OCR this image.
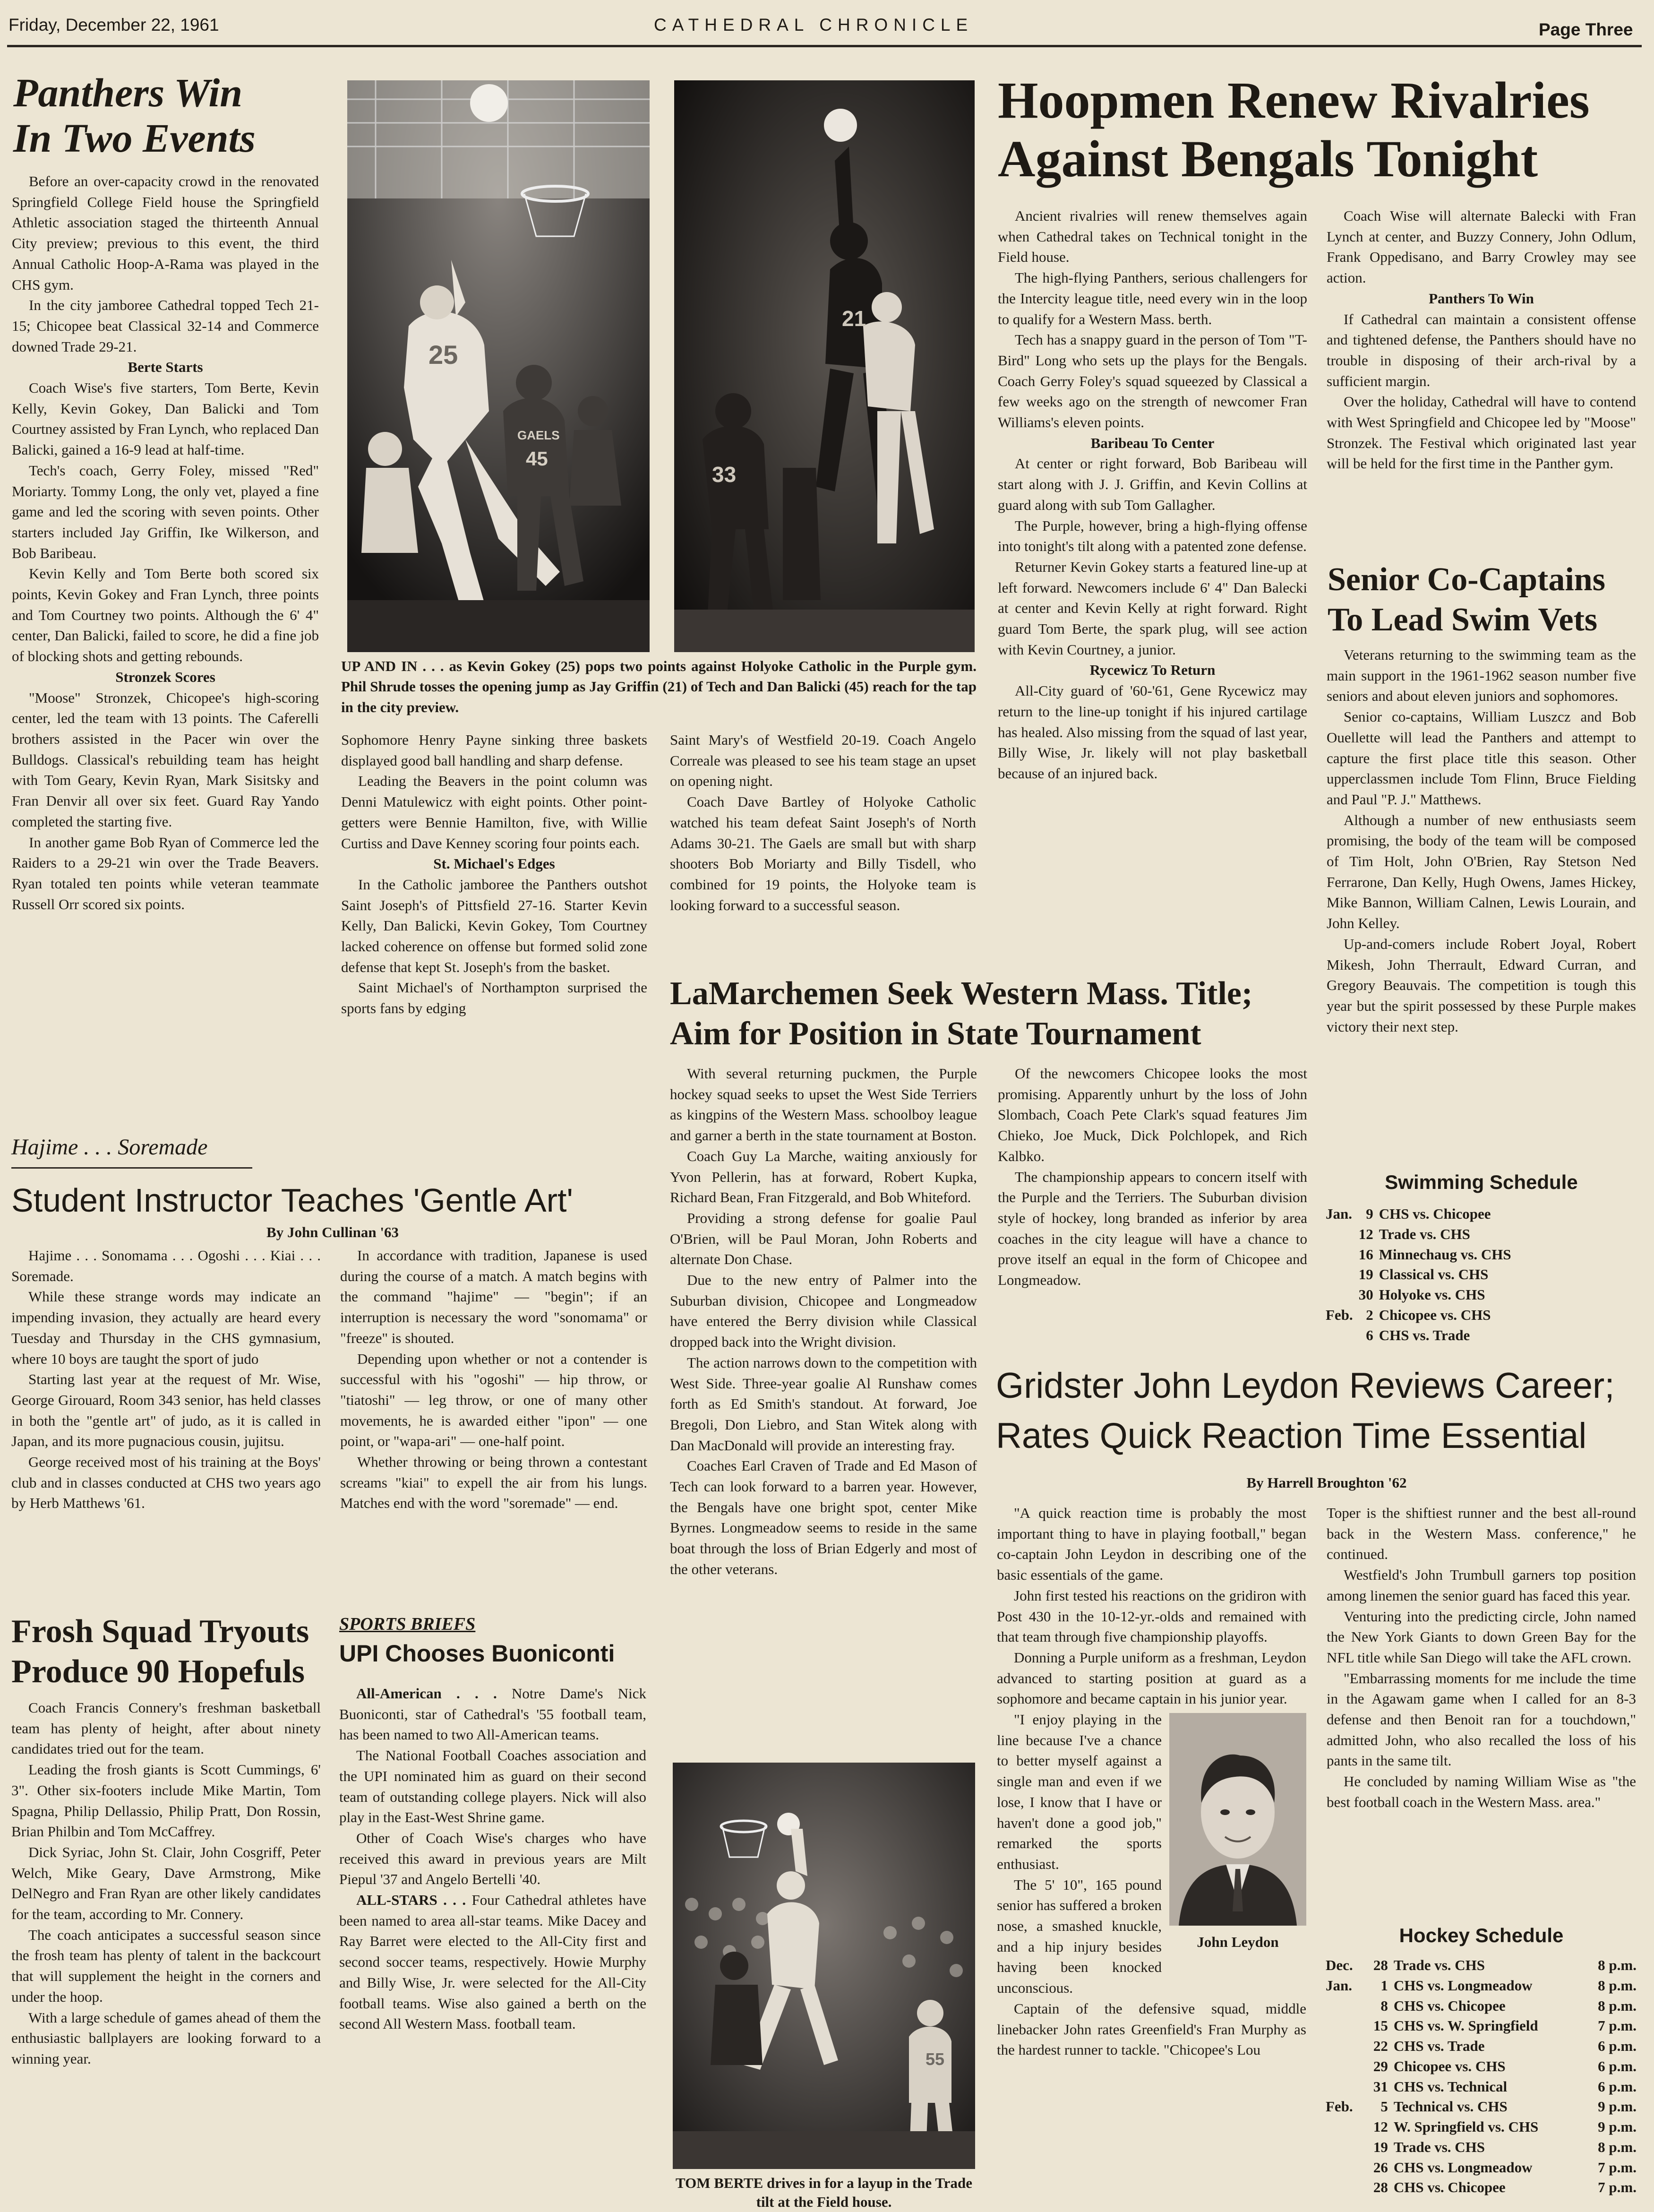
Friday, December 22, 1961	CATHEDRAL CHRONICLE	Page Three
Panthers Win
In Two Events

Before an over-capacity crowd in the renovated Springfield College Field house the Springfield Athletic association staged the thirteenth Annual City preview; previous to this event, the third Annual Catholic Hoop-A-Rama was played in the CHS gym.

In the city jamboree Cathedral topped Tech 21-15; Chicopee beat Classical 32-14 and Commerce downed Trade 29-21.

Berte Starts

Coach Wise's five starters, Tom Berte, Kevin Kelly, Kevin Gokey, Dan Balicki and Tom Courtney assisted by Fran Lynch, who replaced Dan Balicki, gained a 16-9 lead at half-time.

Tech's coach, Gerry Foley, missed "Red" Moriarty. Tommy Long, the only vet, played a fine game and led the scoring with seven points. Other starters included Jay Griffin, Ike Wilkerson, and Bob Baribeau.

Kevin Kelly and Tom Berte both scored six points, Kevin Gokey and Fran Lynch, three points and Tom Courtney two points. Although the 6' 4" center, Dan Balicki, failed to score, he did a fine job of blocking shots and getting rebounds.

Stronzek Scores

"Moose" Stronzek, Chicopee's high-scoring center, led the team with 13 points. The Caferelli brothers assisted in the Pacer win over the Bulldogs. Classical's rebuilding team has height with Tom Geary, Kevin Ryan, Mark Sisitsky and Fran Denvir all over six feet. Guard Ray Yando completed the starting five.

In another game Bob Ryan of Commerce led the Raiders to a 29-21 win over the Trade Beavers. Ryan totaled ten points while veteran teammate Russell Orr scored six points.

25
GAELS
45
21
33
UP AND IN . . . as Kevin Gokey (25) pops two points against Holyoke Catholic in the Purple gym. Phil Shrude tosses the opening jump as Jay Griffin (21) of Tech and Dan Balicki (45) reach for the tap in the city preview.

Sophomore Henry Payne sinking three baskets displayed good ball handling and sharp defense.

Leading the Beavers in the point column was Denni Matulewicz with eight points. Other point-getters were Bennie Hamilton, five, with Willie Curtiss and Dave Kenney scoring four points each.

St. Michael's Edges

In the Catholic jamboree the Panthers outshot Saint Joseph's of Pittsfield 27-16. Starter Kevin Kelly, Dan Balicki, Kevin Gokey, Tom Courtney lacked coherence on offense but formed solid zone defense that kept St. Joseph's from the basket.

Saint Michael's of Northampton surprised the sports fans by edging

Saint Mary's of Westfield 20-19. Coach Angelo Correale was pleased to see his team stage an upset on opening night.

Coach Dave Bartley of Holyoke Catholic watched his team defeat Saint Joseph's of North Adams 30-21. The Gaels are small but with sharp shooters Bob Moriarty and Billy Tisdell, who combined for 19 points, the Holyoke team is looking forward to a successful season.

Hoopmen Renew Rivalries
Against Bengals Tonight

Ancient rivalries will renew themselves again when Cathedral takes on Technical tonight in the Field house.

The high-flying Panthers, serious challengers for the Intercity league title, need every win in the loop to qualify for a Western Mass. berth.

Tech has a snappy guard in the person of Tom "T-Bird" Long who sets up the plays for the Bengals. Coach Gerry Foley's squad squeezed by Classical a few weeks ago on the strength of newcomer Fran Williams's eleven points.

Baribeau To Center

At center or right forward, Bob Baribeau will start along with J. J. Griffin, and Kevin Collins at guard along with sub Tom Gallagher.

The Purple, however, bring a high-flying offense into tonight's tilt along with a patented zone defense.

Returner Kevin Gokey starts a featured line-up at left forward. Newcomers include 6' 4" Dan Balecki at center and Kevin Kelly at right forward. Right guard Tom Berte, the spark plug, will see action with Kevin Courtney, a junior.

Rycewicz To Return

All-City guard of '60-'61, Gene Rycewicz may return to the line-up tonight if his injured cartilage has healed. Also missing from the squad of last year, Billy Wise, Jr. likely will not play basketball because of an injured back.

Coach Wise will alternate Balecki with Fran Lynch at center, and Buzzy Connery, John Odlum, Frank Oppedisano, and Barry Crowley may see action.

Panthers To Win

If Cathedral can maintain a consistent offense and tightened defense, the Panthers should have no trouble in disposing of their arch-rival by a sufficient margin.

Over the holiday, Cathedral will have to contend with West Springfield and Chicopee led by "Moose" Stronzek. The Festival which originated last year will be held for the first time in the Panther gym.

Senior Co-Captains
To Lead Swim Vets

Veterans returning to the swimming team as the main support in the 1961-1962 season number five seniors and about eleven juniors and sophomores.

Senior co-captains, William Luszcz and Bob Ouellette will lead the Panthers and attempt to capture the first place title this season. Other upperclassmen include Tom Flinn, Bruce Fielding and Paul "P. J." Matthews.

Although a number of new enthusiasts seem promising, the body of the team will be composed of Tim Holt, John O'Brien, Ray Stetson Ned Ferrarone, Dan Kelly, Hugh Owens, James Hickey, Mike Bannon, William Calnen, Lewis Lourain, and John Kelley.

Up-and-comers include Robert Joyal, Robert Mikesh, John Therrault, Edward Curran, and Gregory Beauvais. The competition is tough this year but the spirit possessed by these Purple makes victory their next step.

Swimming Schedule
Jan.	9	CHS vs. Chicopee
	12	Trade vs. CHS
	16	Minnechaug vs. CHS
	19	Classical vs. CHS
	30	Holyoke vs. CHS
Feb.	2	Chicopee vs. CHS
	6	CHS vs. Trade
LaMarchemen Seek Western Mass. Title;
Aim for Position in State Tournament

With several returning puckmen, the Purple hockey squad seeks to upset the West Side Terriers as kingpins of the Western Mass. schoolboy league and garner a berth in the state tournament at Boston.

Coach Guy La Marche, waiting anxiously for Yvon Pellerin, has at forward, Robert Kupka, Richard Bean, Fran Fitzgerald, and Bob Whiteford.

Providing a strong defense for goalie Paul O'Brien, will be Paul Moran, John Roberts and alternate Don Chase.

Due to the new entry of Palmer into the Suburban division, Chicopee and Longmeadow have entered the Berry division while Classical dropped back into the Wright division.

The action narrows down to the competition with West Side. Three-year goalie Al Runshaw comes forth as Ed Smith's standout. At forward, Joe Bregoli, Don Liebro, and Stan Witek along with Dan MacDonald will provide an interesting fray.

Coaches Earl Craven of Trade and Ed Mason of Tech can look forward to a barren year. However, the Bengals have one bright spot, center Mike Byrnes. Longmeadow seems to reside in the same boat through the loss of Brian Edgerly and most of the other veterans.

Of the newcomers Chicopee looks the most promising. Apparently unhurt by the loss of John Slombach, Coach Pete Clark's squad features Jim Chieko, Joe Muck, Dick Polchlopek, and Rich Kalbko.

The championship appears to concern itself with the Purple and the Terriers. The Suburban division style of hockey, long branded as inferior by area coaches in the city league will have a chance to prove itself an equal in the form of Chicopee and Longmeadow.

Hajime . . . Soremade
Student Instructor Teaches 'Gentle Art'
By John Cullinan '63

Hajime . . . Sonomama . . . Ogoshi . . . Kiai . . . Soremade.

While these strange words may indicate an impending invasion, they actually are heard every Tuesday and Thursday in the CHS gymnasium, where 10 boys are taught the sport of judo

Starting last year at the request of Mr. Wise, George Girouard, Room 343 senior, has held classes in both the "gentle art" of judo, as it is called in Japan, and its more pugnacious cousin, jujitsu.

George received most of his training at the Boys' club and in classes conducted at CHS two years ago by Herb Matthews '61.

In accordance with tradition, Japanese is used during the course of a match. A match begins with the command "hajime" — "begin"; if an interruption is necessary the word "sonomama" or "freeze" is shouted.

Depending upon whether or not a contender is successful with his "ogoshi" — hip throw, or "tiatoshi" — leg throw, or one of many other movements, he is awarded either "ipon" — one point, or "wapa-ari" — one-half point.

Whether throwing or being thrown a contestant screams "kiai" to expell the air from his lungs. Matches end with the word "soremade" — end.

Frosh Squad Tryouts
Produce 90 Hopefuls

Coach Francis Connery's freshman basketball team has plenty of height, after about ninety candidates tried out for the team.

Leading the frosh giants is Scott Cummings, 6' 3". Other six-footers include Mike Martin, Tom Spagna, Philip Dellassio, Philip Pratt, Don Rossin, Brian Philbin and Tom McCaffrey.

Dick Syriac, John St. Clair, John Cosgriff, Peter Welch, Mike Geary, Dave Armstrong, Mike DelNegro and Fran Ryan are other likely candidates for the team, according to Mr. Connery.

The coach anticipates a successful season since the frosh team has plenty of talent in the backcourt that will supplement the height in the corners and under the hoop.

With a large schedule of games ahead of them the enthusiastic ballplayers are looking forward to a winning year.

SPORTS BRIEFS
UPI Chooses Buoniconti

All-American . . . Notre Dame's Nick Buoniconti, star of Cathedral's '55 football team, has been named to two All-American teams.

The National Football Coaches association and the UPI nominated him as guard on their second team of outstanding college players. Nick will also play in the East-West Shrine game.

Other of Coach Wise's charges who have received this award in previous years are Milt Piepul '37 and Angelo Bertelli '40.

ALL-STARS . . . Four Cathedral athletes have been named to area all-star teams. Mike Dacey and Ray Barret were elected to the All-City first and second soccer teams, respectively. Howie Murphy and Billy Wise, Jr. were selected for the All-City football teams. Wise also gained a berth on the second All Western Mass. football team.

55
TOM BERTE drives in for a layup in the Trade tilt at the Field house.
Gridster John Leydon Reviews Career;
Rates Quick Reaction Time Essential
By Harrell Broughton '62

"A quick reaction time is probably the most important thing to have in playing football," began co-captain John Leydon in describing one of the basic essentials of the game.

John first tested his reactions on the gridiron with Post 430 in the 10-12-yr.-olds and remained with that team through five championship playoffs.

Donning a Purple uniform as a freshman, Leydon advanced to starting position at guard as a sophomore and became captain in his junior year.

John Leydon

"I enjoy playing in the line because I've a chance to better myself against a single man and even if we lose, I know that I have or haven't done a good job," remarked the sports enthusiast.

The 5' 10", 165 pound senior has suffered a broken nose, a smashed knuckle, and a hip injury besides having been knocked unconscious.

Captain of the defensive squad, middle linebacker John rates Greenfield's Fran Murphy as the hardest runner to tackle. "Chicopee's Lou

Toper is the shiftiest runner and the best all-round back in the Western Mass. conference," he continued.

Westfield's John Trumbull garners top position among linemen the senior guard has faced this year.

Venturing into the predicting circle, John named the New York Giants to down Green Bay for the NFL title while San Diego will take the AFL crown.

"Embarrassing moments for me include the time in the Agawam game when I called for an 8-3 defense and then Benoit ran for a touchdown," admitted John, who also recalled the loss of his pants in the same tilt.

He concluded by naming William Wise as "the best football coach in the Western Mass. area."

Hockey Schedule
Dec.	28	Trade vs. CHS	8 p.m.
Jan.	1	CHS vs. Longmeadow	8 p.m.
	8	CHS vs. Chicopee	8 p.m.
	15	CHS vs. W. Springfield	7 p.m.
	22	CHS vs. Trade	6 p.m.
	29	Chicopee vs. CHS	6 p.m.
	31	CHS vs. Technical	6 p.m.
Feb.	5	Technical vs. CHS	9 p.m.
	12	W. Springfield vs. CHS	9 p.m.
	19	Trade vs. CHS	8 p.m.
	26	CHS vs. Longmeadow	7 p.m.
	28	CHS vs. Chicopee	7 p.m.
